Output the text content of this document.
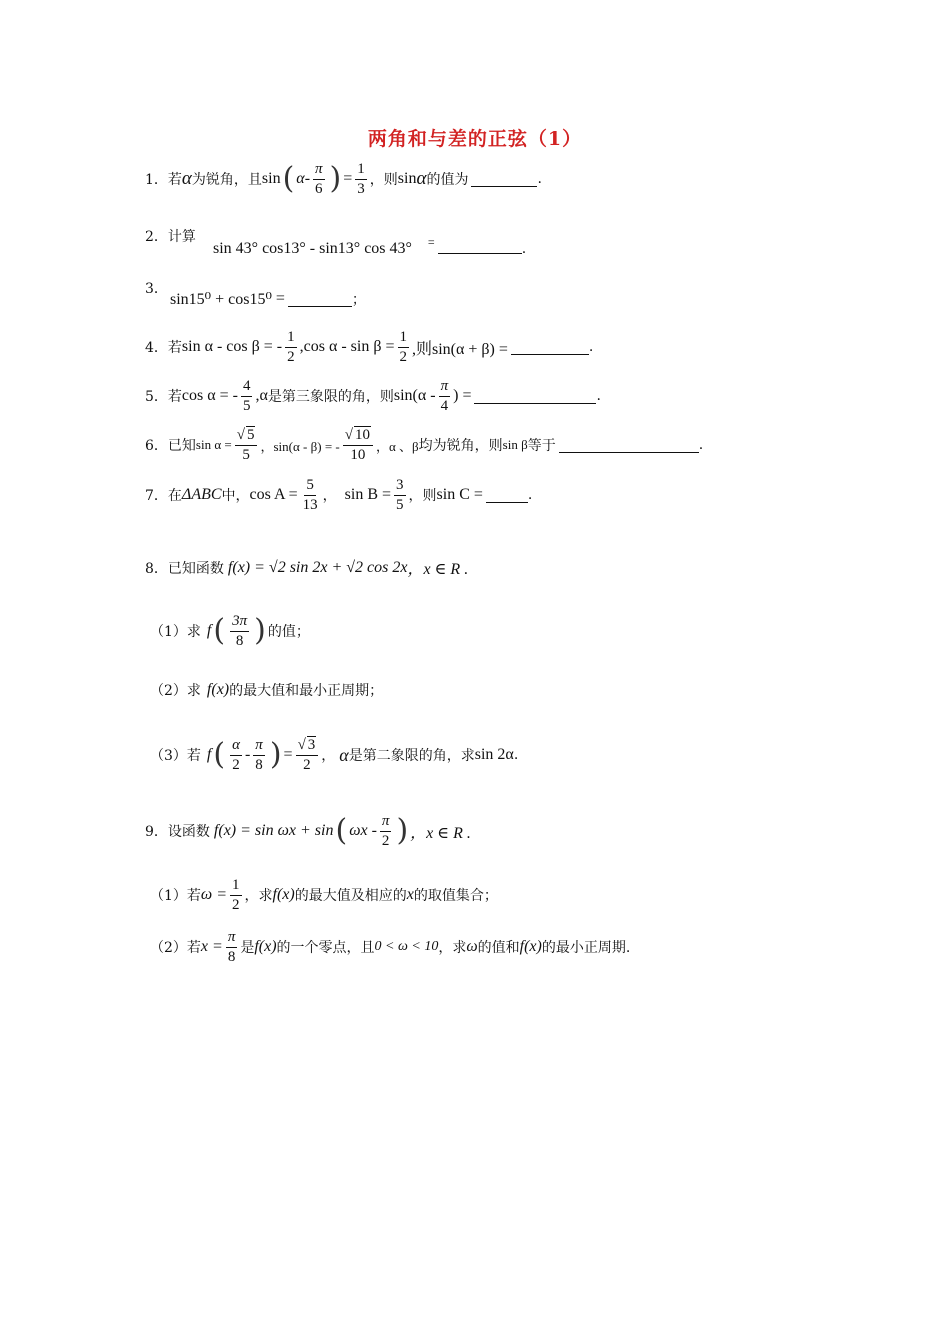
两角和与差的正弦（1）
1． 若 α 为锐角，且 sin ( α - $\frac{\pi}{6}$ ) = $\frac{1}{3}$ ，则 sin α 的值为	.
2． 计算
sin 43° cos13° - sin13° cos 43° =	.
3．
sin15⁰ + cos15⁰ =	；
4． 若 sin α - cos β = - $\frac{1}{2} ,\cos$ $\alpha - \sin \beta = \frac{1}{2}$ ,则sin(α + β) =	.
5． 若 cos α = - $\frac{4}{5} ,\alpha$ 是第三象限的角，则 $\sin(\alpha - \frac{\pi}{4}$ ) =	.
6． 已知 $\sin \alpha = \frac{√ 5}{5}$ ，sin(α - β) = - $\frac{√ 10}{10}$ ，α 、β 均为锐角，则 sin β 等于	.
7． 在 ΔABC 中， $\cos A = \frac{5}{13}$ ， $\sin B = \frac{3}{5}$ ，则 sin C =	.
8． 已知函数 f(x) = √2 sin 2x + √2 cos 2x ，x ∈ R .
（1） 求 f ( $\frac{3\pi}{8}$ ) 的值；
（2） 求 f(x) 的最大值和最小正周期；
（3） 若 f ( $\frac{\alpha}{2} - \frac{\pi}{8}$ ) = $\frac{√ 3}{2}$ ， α 是第二象限的角，求 sin 2α .
9． 设函数 f(x) = sin ωx + sin ( ωx - $\frac{\pi}{2}$ ) ，x ∈ R .
（1） 若 $\omega = \frac{1}{2}$ ，求 f(x) 的最大值及相应的 x 的取值集合；
（2） 若 $x = \frac{\pi}{8}$ 是 f(x) 的一个零点，且 0 < ω < 10 ，求 ω 的值和 f(x) 的最小正周期.
